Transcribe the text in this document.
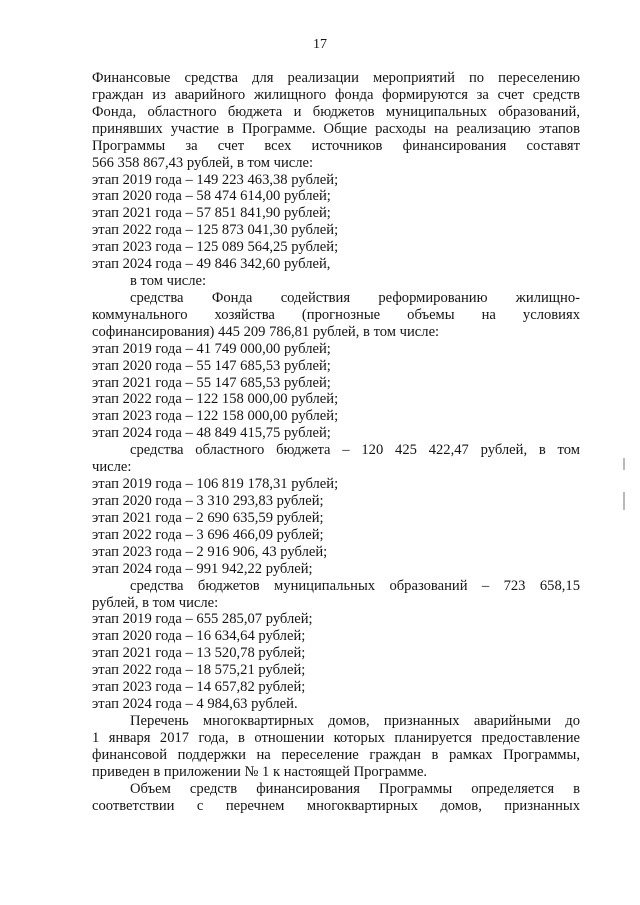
17
Финансовые средства для реализации мероприятий по переселению
граждан из аварийного жилищного фонда формируются за счет средств
Фонда, областного бюджета и бюджетов муниципальных образований,
принявших участие в Программе. Общие расходы на реализацию этапов
Программы за счет всех источников финансирования составят
566 358 867,43 рублей, в том числе:
этап 2019 года – 149 223 463,38 рублей;
этап 2020 года – 58 474 614,00 рублей;
этап 2021 года – 57 851 841,90 рублей;
этап 2022 года – 125 873 041,30 рублей;
этап 2023 года – 125 089 564,25 рублей;
этап 2024 года – 49 846 342,60 рублей,
в том числе:
средства Фонда содействия реформированию жилищно-
коммунального хозяйства (прогнозные объемы на условиях
софинансирования) 445 209 786,81 рублей, в том числе:
этап 2019 года – 41 749 000,00 рублей;
этап 2020 года – 55 147 685,53 рублей;
этап 2021 года – 55 147 685,53 рублей;
этап 2022 года – 122 158 000,00 рублей;
этап 2023 года – 122 158 000,00 рублей;
этап 2024 года – 48 849 415,75 рублей;
средства областного бюджета – 120 425 422,47 рублей, в том
числе:
этап 2019 года – 106 819 178,31 рублей;
этап 2020 года – 3 310 293,83 рублей;
этап 2021 года – 2 690 635,59 рублей;
этап 2022 года – 3 696 466,09 рублей;
этап 2023 года – 2 916 906, 43 рублей;
этап 2024 года – 991 942,22 рублей;
средства бюджетов муниципальных образований – 723 658,15
рублей, в том числе:
этап 2019 года – 655 285,07 рублей;
этап 2020 года – 16 634,64 рублей;
этап 2021 года – 13 520,78 рублей;
этап 2022 года – 18 575,21 рублей;
этап 2023 года – 14 657,82 рублей;
этап 2024 года – 4 984,63 рублей.
Перечень многоквартирных домов, признанных аварийными до
1 января 2017 года, в отношении которых планируется предоставление
финансовой поддержки на переселение граждан в рамках Программы,
приведен в приложении № 1 к настоящей Программе.
Объем средств финансирования Программы определяется в
соответствии с перечнем многоквартирных домов, признанных
